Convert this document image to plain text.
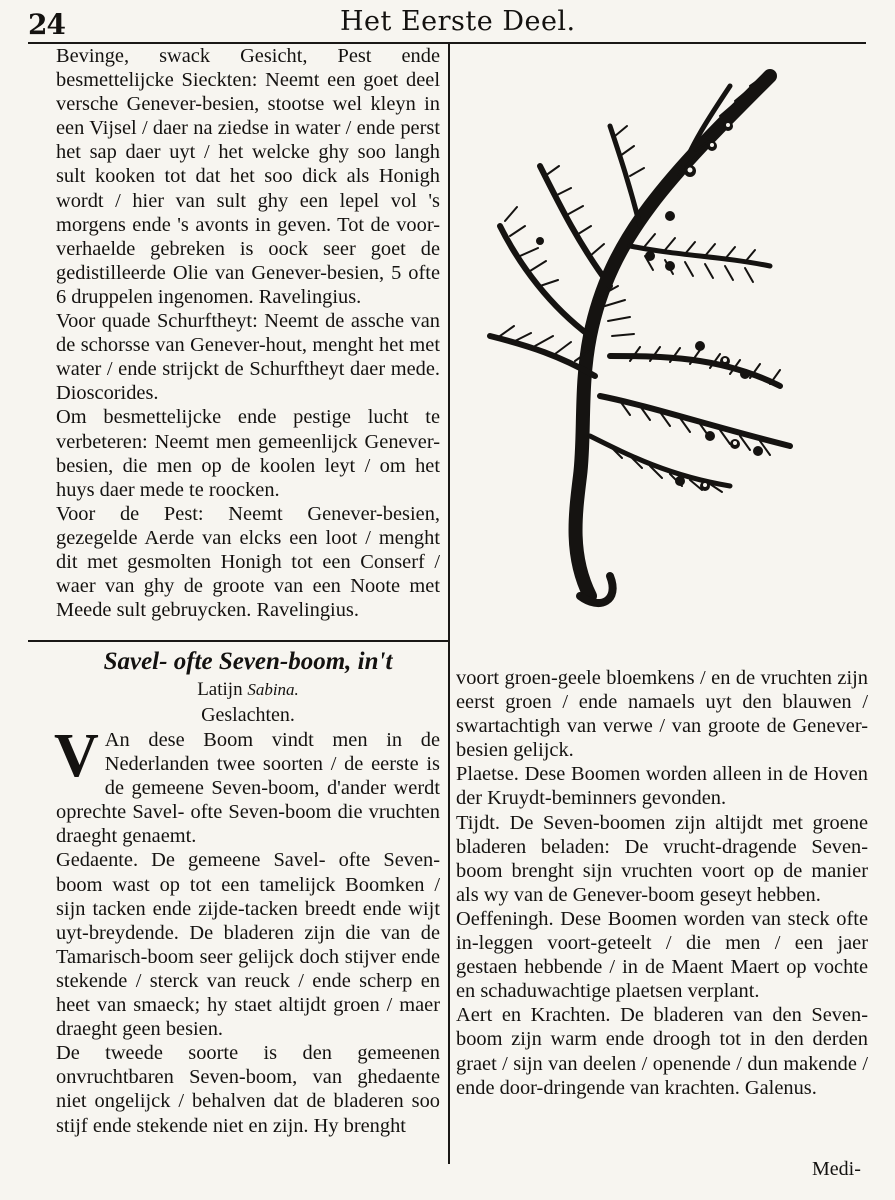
24	Het Eerste Deel.

Bevinge, swack Gesicht, Pest ende besmettelijcke Sieckten: Neemt een goet deel versche Genever-besien, stootse wel kleyn in een Vijsel / daer na ziedse in water / ende perst het sap daer uyt / het welcke ghy soo langh sult kooken tot dat het soo dick als Honigh wordt / hier van sult ghy een lepel vol 's morgens ende 's avonts in geven. Tot de voor-verhaelde gebreken is oock seer goet de gedistilleerde Olie van Genever-besien, 5 ofte 6 druppelen ingenomen. Ravelingius.

Voor quade Schurftheyt: Neemt de assche van de schorsse van Genever-hout, menght het met water / ende strijckt de Schurftheyt daer mede. Dioscorides.

Om besmettelijcke ende pestige lucht te verbeteren: Neemt men gemeenlijck Genever-besien, die men op de koolen leyt / om het huys daer mede te roocken.

Voor de Pest: Neemt Genever-besien, gezegelde Aerde van elcks een loot / menght dit met gesmolten Honigh tot een Conserf / waer van ghy de groote van een Noote met Meede sult gebruycken. Ravelingius.

Savel- ofte Seven-boom, in't

Latijn Sabina.

Geslachten.

V An dese Boom vindt men in de Nederlanden twee soorten / de eerste is de gemeene Seven-boom, d'ander werdt oprechte Savel- ofte Seven-boom die vruchten draeght genaemt.

Gedaente. De gemeene Savel- ofte Seven-boom wast op tot een tamelijck Boomken / sijn tacken ende zijde-tacken breedt ende wijt uyt-breydende. De bladeren zijn die van de Tamarisch-boom seer gelijck doch stijver ende stekende / sterck van reuck / ende scherp en heet van smaeck; hy staet altijdt groen / maer draeght geen besien.

De tweede soorte is den gemeenen onvruchtbaren Seven-boom, van ghedaente niet ongelijck / behalven dat de bladeren soo stijf ende stekende niet en zijn. Hy brenght

voort groen-geele bloemkens / en de vruchten zijn eerst groen / ende namaels uyt den blauwen / swartachtigh van verwe / van groote de Genever-besien gelijck.

Plaetse. Dese Boomen worden alleen in de Hoven der Kruydt-beminners gevonden.

Tijdt. De Seven-boomen zijn altijdt met groene bladeren beladen: De vrucht-dragende Seven-boom brenght sijn vruchten voort op de manier als wy van de Genever-boom geseyt hebben.

Oeffeningh. Dese Boomen worden van steck ofte in-leggen voort-geteelt / die men / een jaer gestaen hebbende / in de Maent Maert op vochte en schaduwachtige plaetsen verplant.

Aert en Krachten. De bladeren van den Seven-boom zijn warm ende droogh tot in den derden graet / sijn van deelen / openende / dun makende / ende door-dringende van krachten. Galenus.

Medi-
